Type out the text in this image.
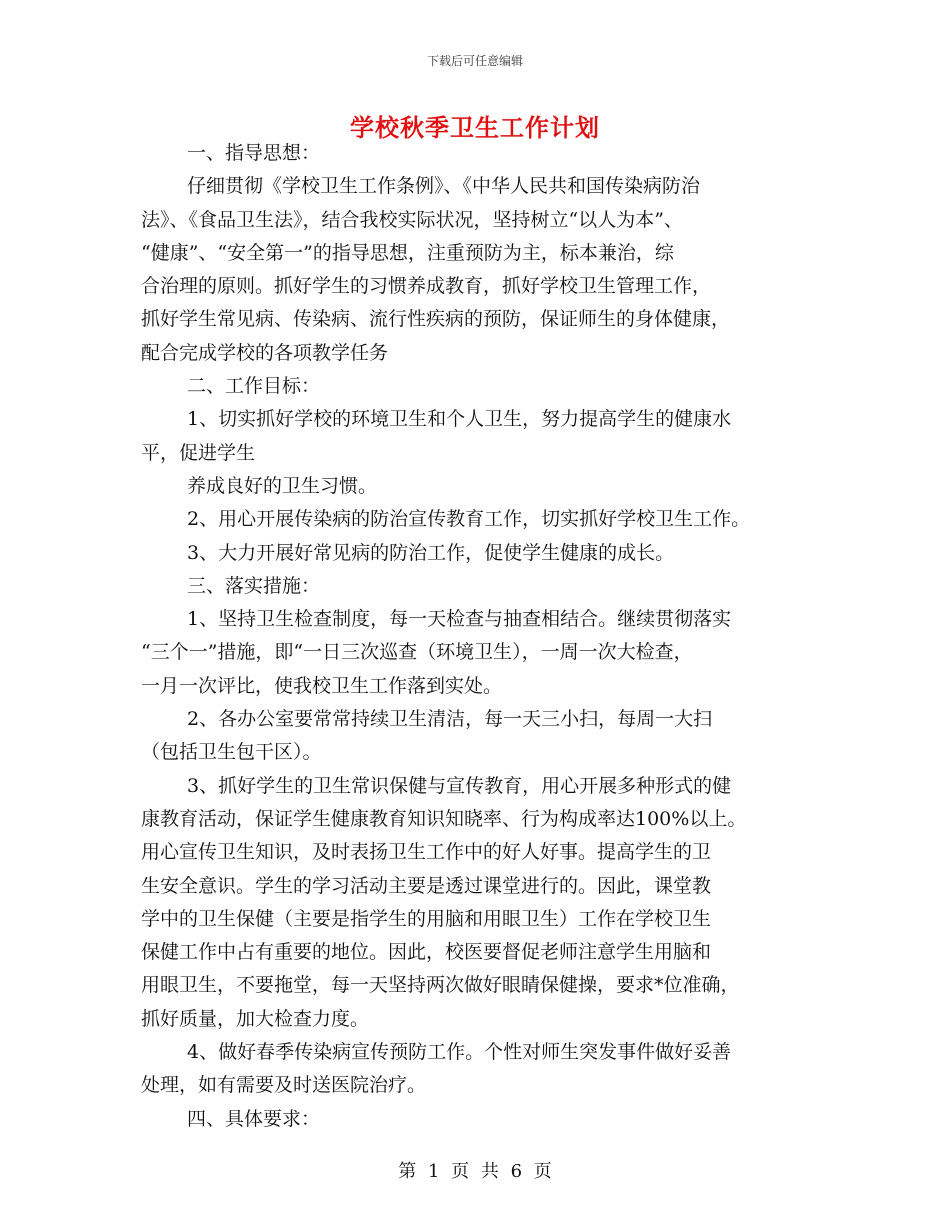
下载后可任意编辑
学校秋季卫生工作计划
一、指导思想：
仔细贯彻《学校卫生工作条例》、《中华人民共和国传染病防治
法》、《食品卫生法》，结合我校实际状况，坚持树立“以人为本”、
“健康”、“安全第一”的指导思想，注重预防为主，标本兼治，综
合治理的原则。抓好学生的习惯养成教育，抓好学校卫生管理工作，
抓好学生常见病、传染病、流行性疾病的预防，保证师生的身体健康，
配合完成学校的各项教学任务
二、工作目标：
1、切实抓好学校的环境卫生和个人卫生，努力提高学生的健康水
平，促进学生
养成良好的卫生习惯。
2、用心开展传染病的防治宣传教育工作，切实抓好学校卫生工作。
3、大力开展好常见病的防治工作，促使学生健康的成长。
三、落实措施：
1、坚持卫生检查制度，每一天检查与抽查相结合。继续贯彻落实
“三个一”措施，即“一日三次巡查（环境卫生），一周一次大检查，
一月一次评比，使我校卫生工作落到实处。
2、各办公室要常常持续卫生清洁，每一天三小扫，每周一大扫
（包括卫生包干区）。
3、抓好学生的卫生常识保健与宣传教育，用心开展多种形式的健
康教育活动，保证学生健康教育知识知晓率、行为构成率达100%以上。
用心宣传卫生知识，及时表扬卫生工作中的好人好事。提高学生的卫
生安全意识。学生的学习活动主要是透过课堂进行的。因此，课堂教
学中的卫生保健（主要是指学生的用脑和用眼卫生）工作在学校卫生
保健工作中占有重要的地位。因此，校医要督促老师注意学生用脑和
用眼卫生，不要拖堂，每一天坚持两次做好眼睛保健操，要求*位准确，
抓好质量，加大检查力度。
4、做好春季传染病宣传预防工作。个性对师生突发事件做好妥善
处理，如有需要及时送医院治疗。
四、具体要求：
第 1 页 共 6 页
